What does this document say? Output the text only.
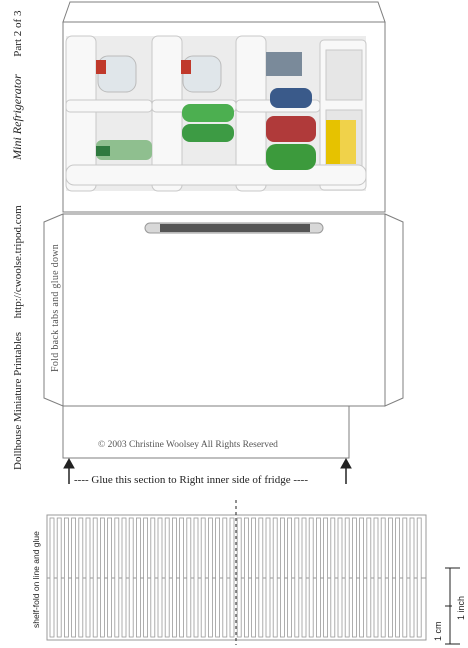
Dollhouse Miniature Printables  http://cwoolse.tripod.com  Mini Refrigerator  Part 2 of 3
Fold back tabs and glue down
© 2003 Christine Woolsey All Rights Reserved
---- Glue this section to Right inner side of fridge ----
shelf-fold on line and glue	1 inch
1 cm
